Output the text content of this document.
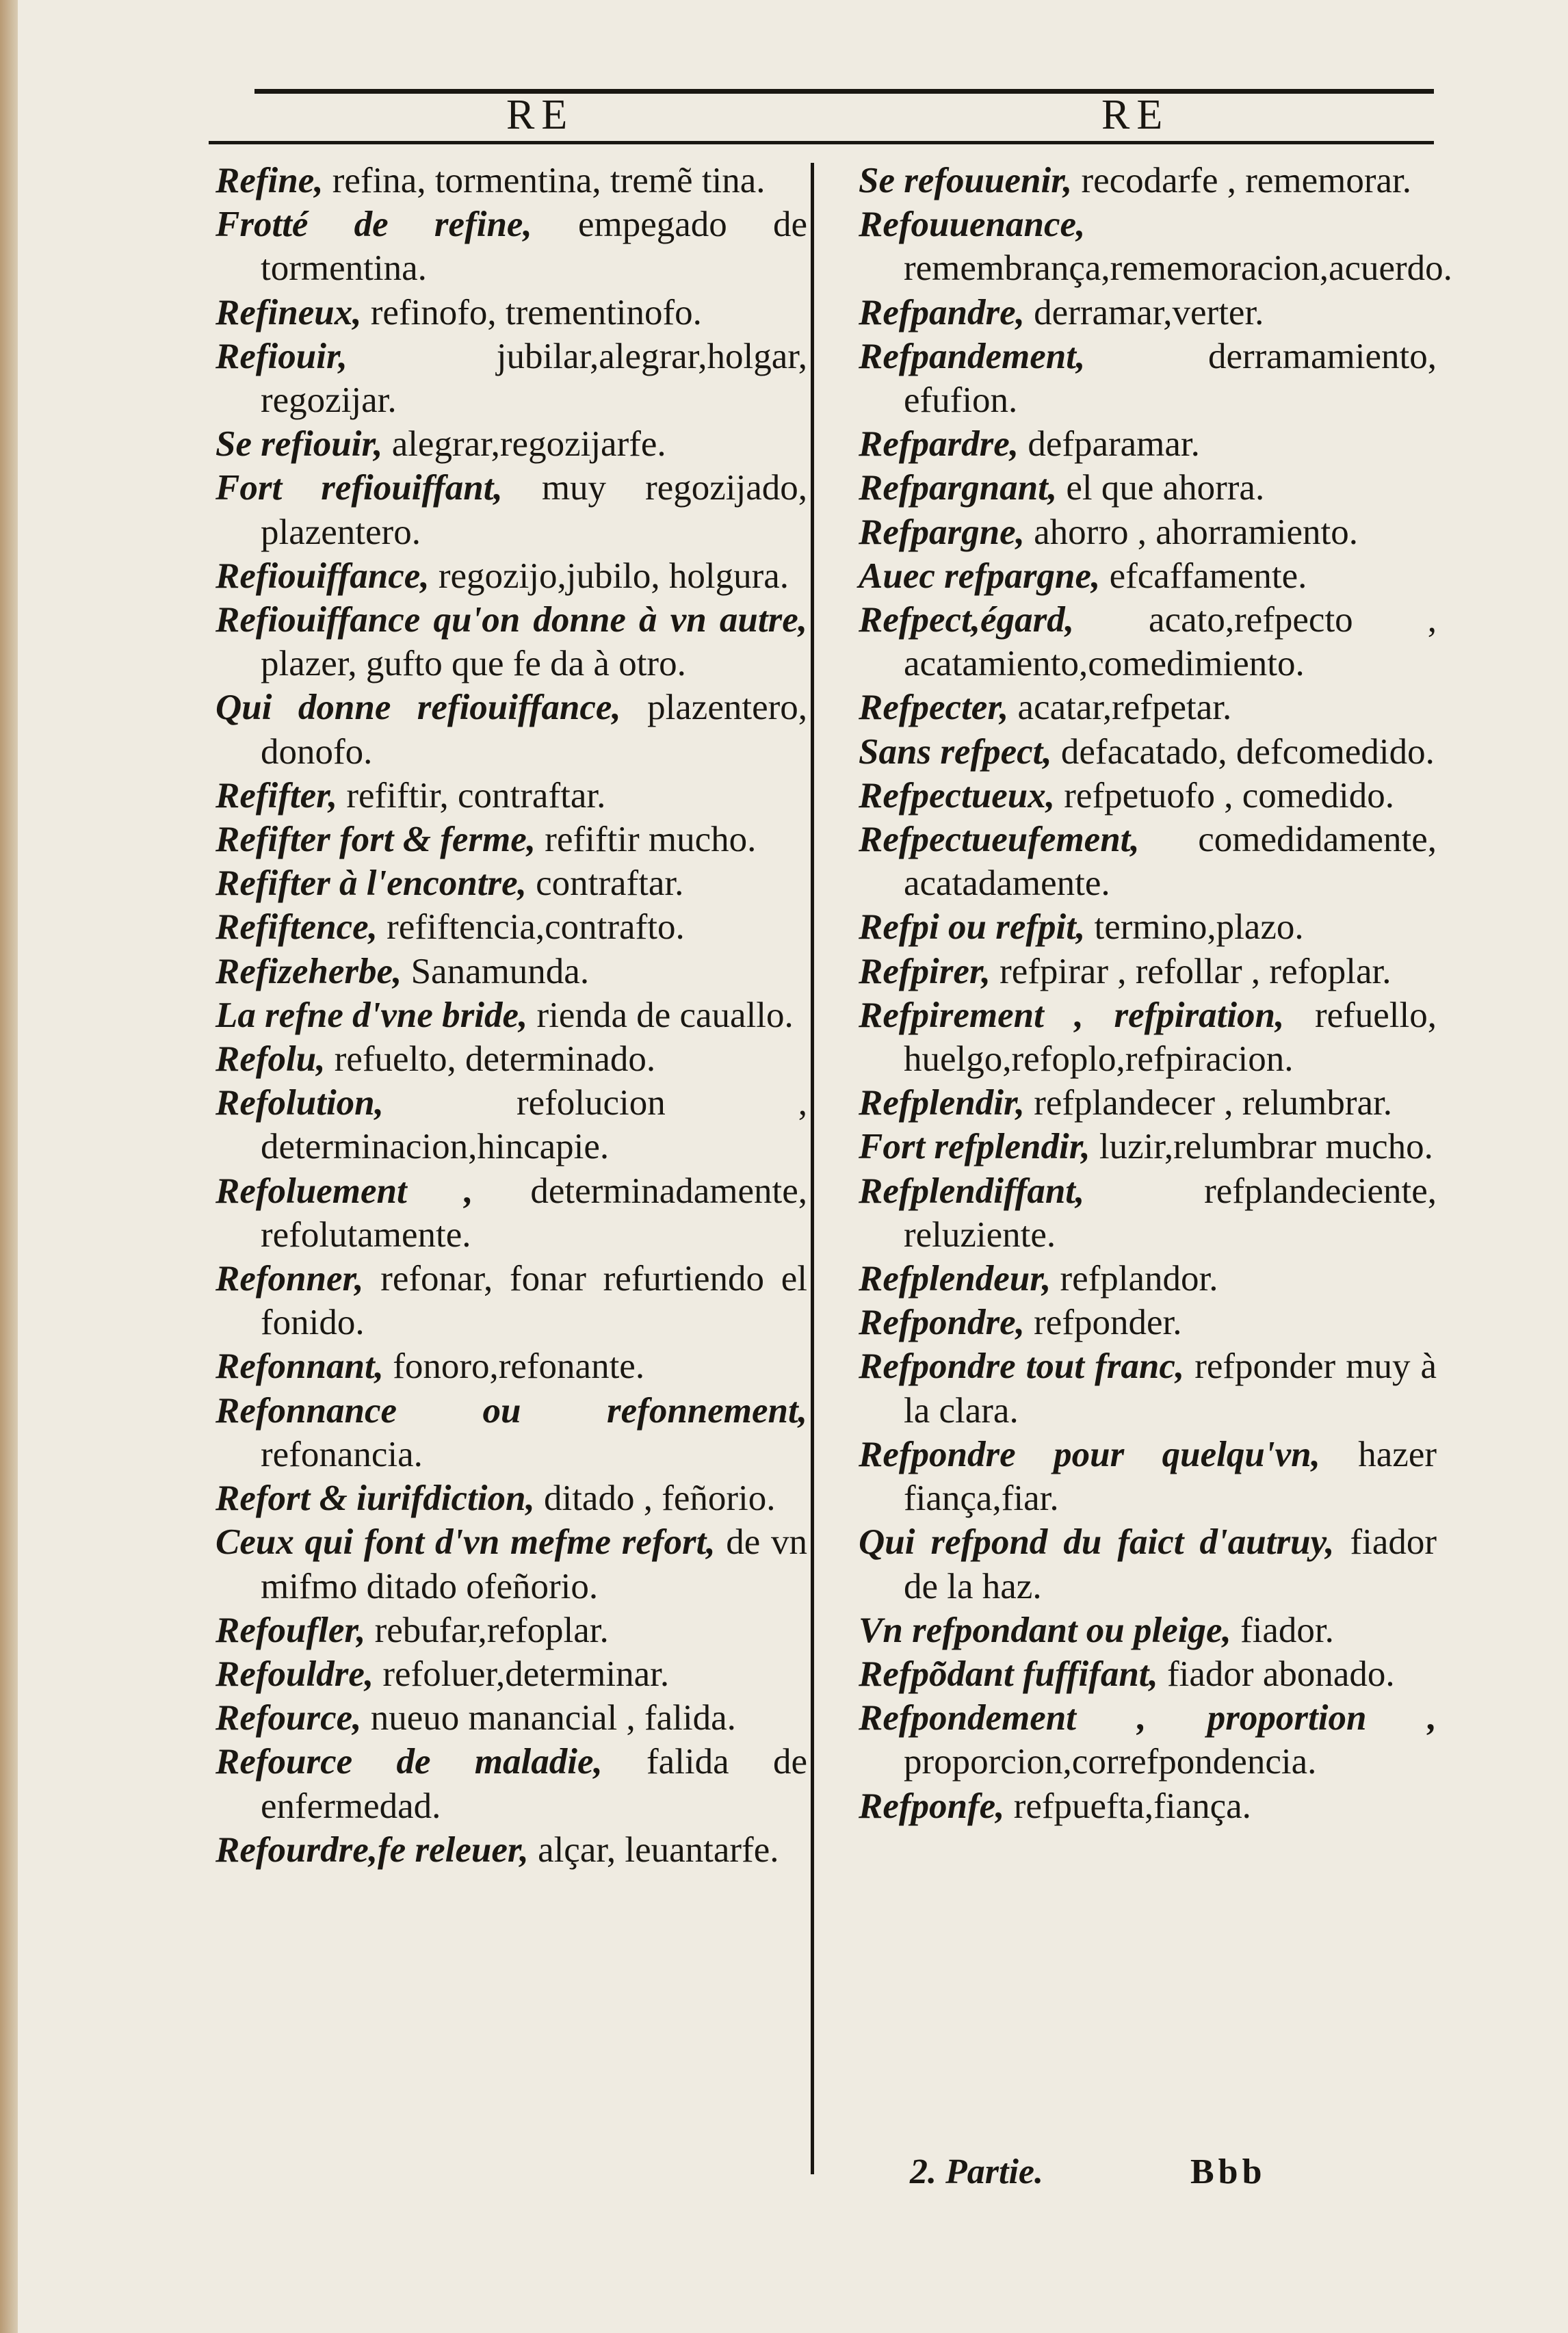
RE	RE
Refine, refina, tormentina, tremẽ tina.
Frotté de refine, empegado de tormentina.
Refineux, refinofo, trementinofo.
Refiouir,	jubilar,alegrar,holgar, regozijar.
Se refiouir, alegrar,regozijarfe.
Fort refiouiffant, muy regozijado, plazentero.
Refiouiffance, regozijo,jubilo, holgura.
Refiouiffance qu'on donne à vn autre, plazer, gufto que fe da à otro.
Qui donne refiouiffance, plazentero, donofo.
Refifter, refiftir, contraftar.
Refifter fort & ferme, refiftir mucho.
Refifter à l'encontre, contraftar.
Refiftence, refiftencia,contrafto.
Refizeherbe, Sanamunda.
La refne d'vne bride, rienda de cauallo.
Refolu, refuelto, determinado.
Refolution,	refolucion , determinacion,hincapie.
Refoluement , determinadamente, refolutamente.
Refonner, refonar, fonar refurtiendo el fonido.
Refonnant, fonoro,refonante.
Refonnance ou refonnement, refonancia.
Refort & iurifdiction, ditado , feñorio.
Ceux qui font d'vn mefme refort, de vn mifmo ditado ofeñorio.
Refoufler, rebufar,refoplar.
Refouldre, refoluer,determinar.
Refource, nueuo manancial , falida.
Refource de maladie, falida de enfermedad.
Refourdre,fe releuer, alçar, leuantarfe.
Se refouuenir, recodarfe , rememorar.
Refouuenance, remembrança,rememoracion,acuerdo.
Refpandre, derramar,verter.
Refpandement,	derramamiento, efufion.
Refpardre, defparamar.
Refpargnant, el que ahorra.
Refpargne, ahorro , ahorramiento.
Auec refpargne, efcaffamente.
Refpect,égard, acato,refpecto , acatamiento,comedimiento.
Refpecter, acatar,refpetar.
Sans refpect, defacatado, defcomedido.
Refpectueux, refpetuofo , comedido.
Refpectueufement, comedidamente, acatadamente.
Refpi ou refpit, termino,plazo.
Refpirer, refpirar , refollar , refoplar.
Refpirement , refpiration, refuello, huelgo,refoplo,refpiracion.
Refplendir, refplandecer , relumbrar.
Fort refplendir, luzir,relumbrar mucho.
Refplendiffant,	refplandeciente, reluziente.
Refplendeur, refplandor.
Refpondre, refponder.
Refpondre tout franc, refponder muy à la clara.
Refpondre pour quelqu'vn, hazer fiança,fiar.
Qui refpond du faict d'autruy, fiador de la haz.
Vn refpondant ou pleige, fiador.
Refpõdant fuffifant, fiador abonado.
Refpondement , proportion , proporcion,correfpondencia.
Refponfe, refpuefta,fiança.
2. Partie.	Bbb
